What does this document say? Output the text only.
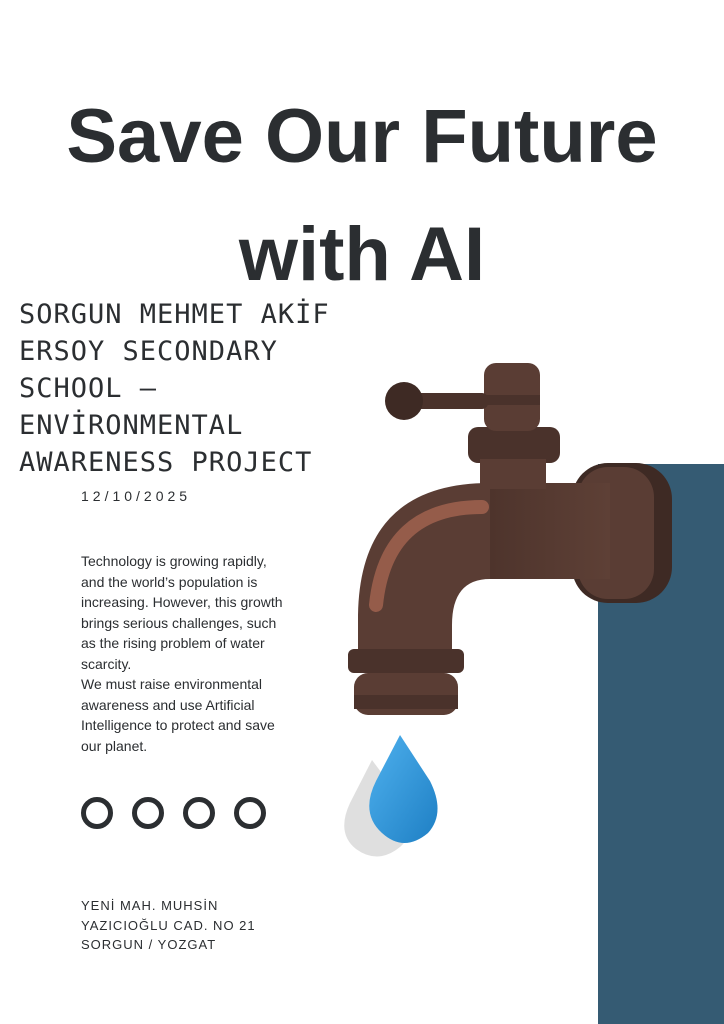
Save Our Future
with AI
SORGUN MEHMET AKİF
ERSOY SECONDARY
SCHOOL –
ENVİRONMENTAL
AWARENESS PROJECT
12/10/2025

Technology is growing rapidly, and the world’s population is increasing. However, this growth brings serious challenges, such as the rising problem of water scarcity.

We must raise environmental awareness and use Artificial Intelligence to protect and save our planet.

YENİ MAH. MUHSİN
YAZICIOĞLU CAD. NO 21
SORGUN / YOZGAT
